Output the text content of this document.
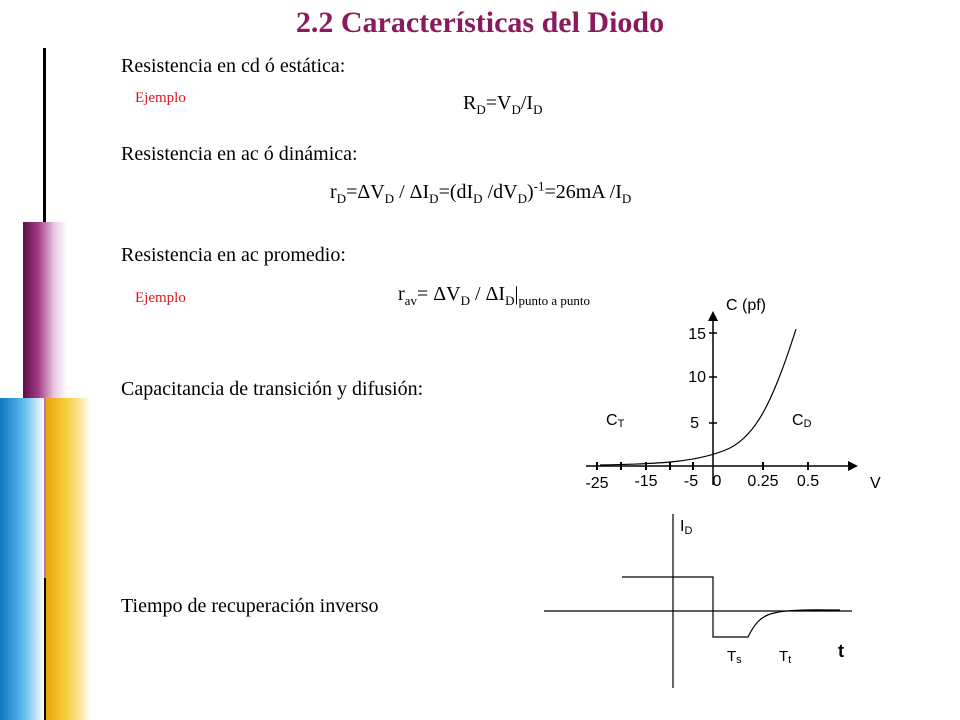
2.2 Características del Diodo
Resistencia en cd ó estática:
Ejemplo	$R_D=V_D/I_D$
Resistencia en ac ó dinámica:
$r_D=\Delta V_D / \Delta I_D=(dI_D$ $/dV_D)^{-1}=26mA$ $/I_D$
Resistencia en ac promedio:
Ejemplo	$r_{av}= \Delta V_D / \Delta I_D|_{punto a punto}$
Capacitancia de transición y difusión:
Tiempo de recuperación inverso
C (pf)
15
10
5
-25 -15 -5 0 0.25 0.5	V
CT	CD
ID
t
Ts Tt
